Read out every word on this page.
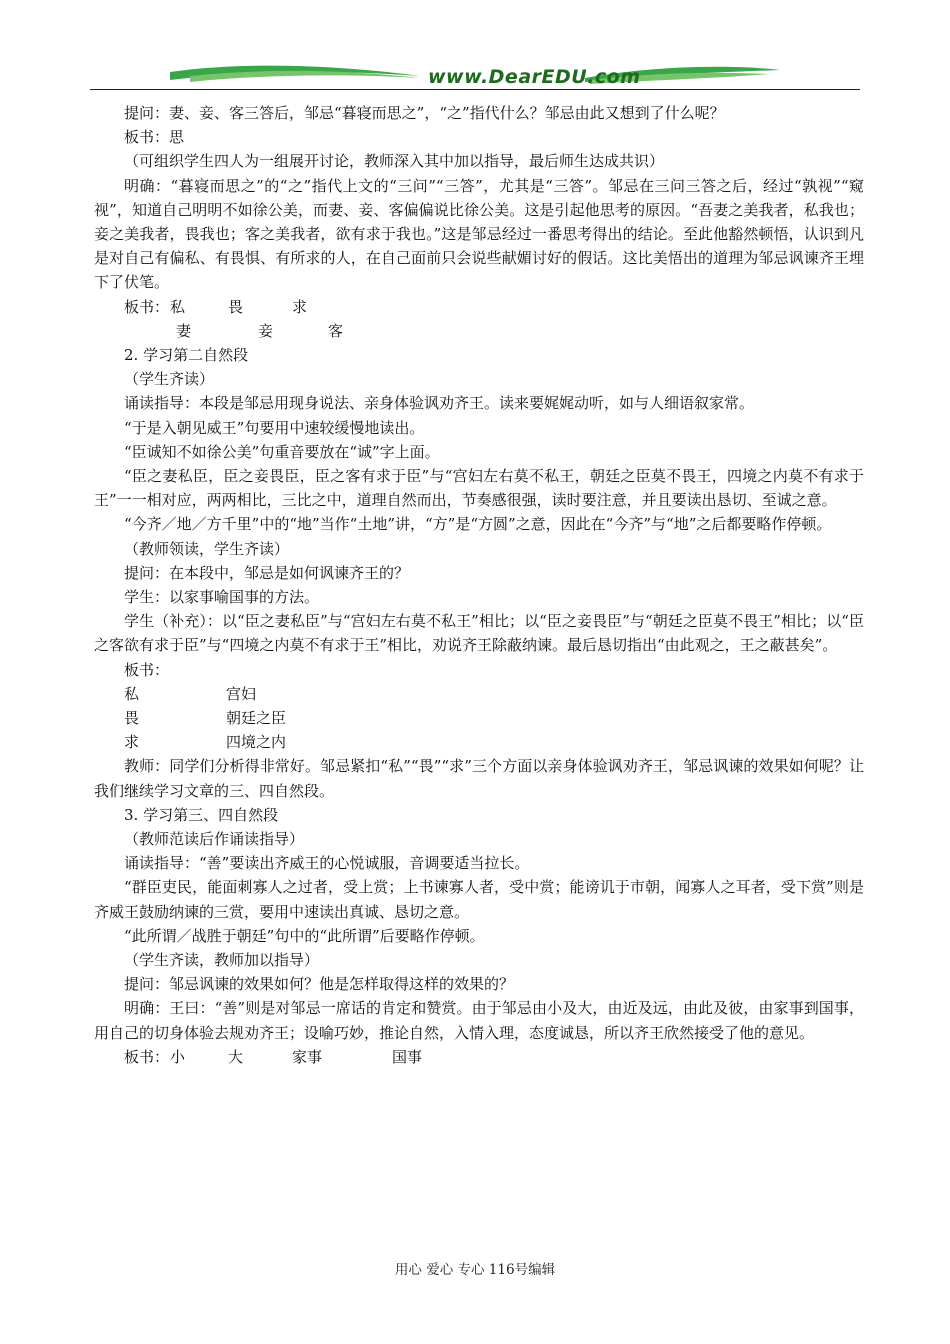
www.DearEDU.com

提问：妻、妾、客三答后，邹忌“暮寝而思之”，“之”指代什么？邹忌由此又想到了什么呢？

板书：思

（可组织学生四人为一组展开讨论，教师深入其中加以指导，最后师生达成共识）

明确：“暮寝而思之”的“之”指代上文的“三问”“三答”，尤其是“三答”。邹忌在三问三答之后，经过“孰视”“窥视”，知道自己明明不如徐公美，而妻、妾、客偏偏说比徐公美。这是引起他思考的原因。“吾妻之美我者，私我也；妾之美我者，畏我也；客之美我者，欲有求于我也。”这是邹忌经过一番思考得出的结论。至此他豁然顿悟，认识到凡是对自己有偏私、有畏惧、有所求的人，在自己面前只会说些献媚讨好的假话。这比美悟出的道理为邹忌讽谏齐王埋下了伏笔。

板书： 私	畏	求
妻	妾	客

2. 学习第二自然段

（学生齐读）

诵读指导：本段是邹忌用现身说法、亲身体验讽劝齐王。读来要娓娓动听，如与人细语叙家常。

“于是入朝见威王”句要用中速较缓慢地读出。

“臣诚知不如徐公美”句重音要放在“诚”字上面。

“臣之妻私臣，臣之妾畏臣，臣之客有求于臣”与“宫妇左右莫不私王，朝廷之臣莫不畏王，四境之内莫不有求于王”一一相对应，两两相比，三比之中，道理自然而出，节奏感很强，读时要注意，并且要读出恳切、至诚之意。

“今齐／地／方千里”中的“地”当作“土地”讲，“方”是“方圆”之意，因此在“今齐”与“地”之后都要略作停顿。

（教师领读，学生齐读）

提问：在本段中，邹忌是如何讽谏齐王的？

学生：以家事喻国事的方法。

学生（补充）：以“臣之妻私臣”与“宫妇左右莫不私王”相比；以“臣之妾畏臣”与“朝廷之臣莫不畏王”相比；以“臣之客欲有求于臣”与“四境之内莫不有求于王”相比，劝说齐王除蔽纳谏。最后恳切指出“由此观之，王之蔽甚矣”。

板书：

私	宫妇
畏	朝廷之臣
求	四境之内

教师：同学们分析得非常好。邹忌紧扣“私”“畏”“求”三个方面以亲身体验讽劝齐王，邹忌讽谏的效果如何呢？让我们继续学习文章的三、四自然段。

3. 学习第三、四自然段

（教师范读后作诵读指导）

诵读指导：“善”要读出齐威王的心悦诚服，音调要适当拉长。

“群臣吏民，能面刺寡人之过者，受上赏；上书谏寡人者，受中赏；能谤讥于市朝，闻寡人之耳者，受下赏”则是齐威王鼓励纳谏的三赏，要用中速读出真诚、恳切之意。

“此所谓／战胜于朝廷”句中的“此所谓”后要略作停顿。

（学生齐读，教师加以指导）

提问：邹忌讽谏的效果如何？他是怎样取得这样的效果的？

明确：王曰：“善”则是对邹忌一席话的肯定和赞赏。由于邹忌由小及大，由近及远，由此及彼，由家事到国事，用自己的切身体验去规劝齐王；设喻巧妙，推论自然，入情入理，态度诚恳，所以齐王欣然接受了他的意见。

板书： 小	大	家事	国事
用心 爱心 专心 116号编辑
